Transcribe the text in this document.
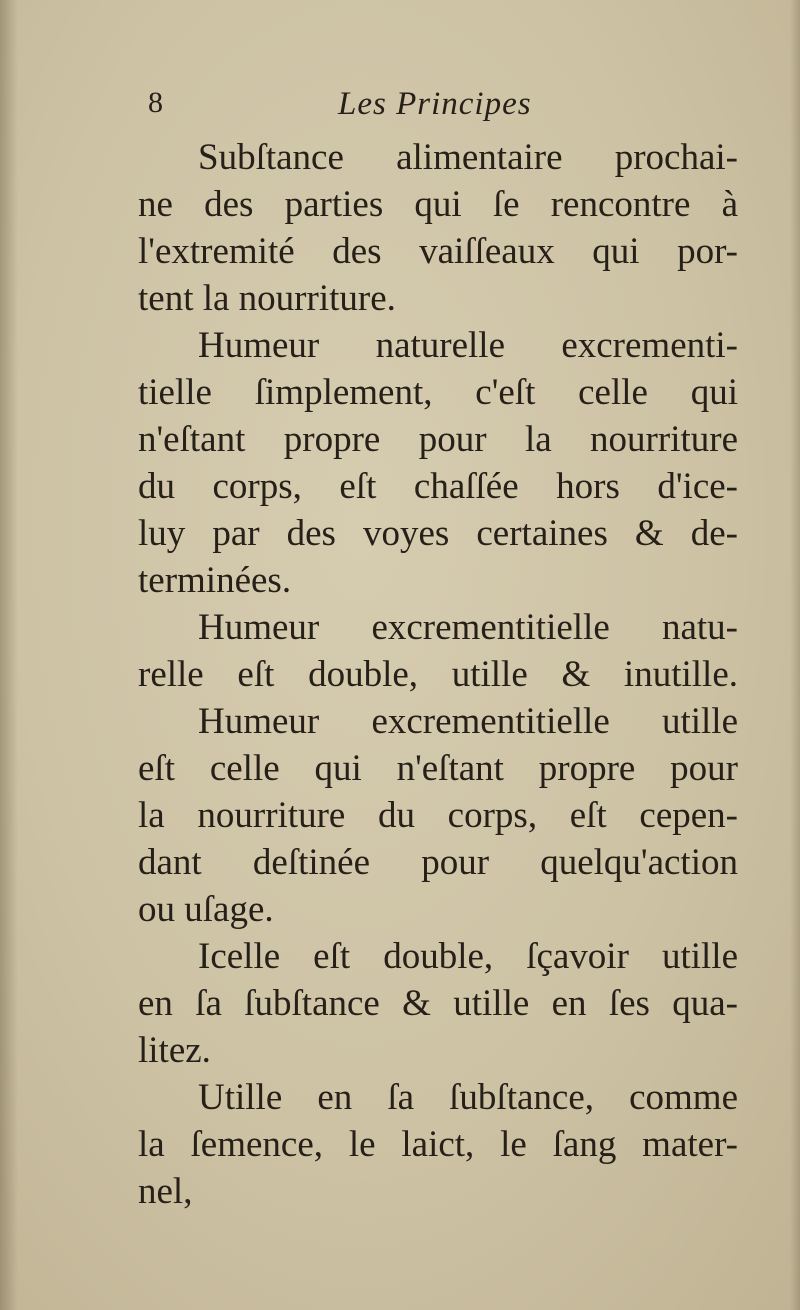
8	Les Principes
Subſtance alimentaire prochai-
ne des parties qui ſe rencontre à
l'extremité des vaiſſeaux qui por-
tent la nourriture.
Humeur naturelle excrementi-
tielle ſimplement, c'eſt celle qui
n'eſtant propre pour la nourriture
du corps, eſt chaſſée hors d'ice-
luy par des voyes certaines & de-
terminées.
Humeur excrementitielle natu-
relle eſt double, utille & inutille.
Humeur excrementitielle utille
eſt celle qui n'eſtant propre pour
la nourriture du corps, eſt cepen-
dant deſtinée pour quelqu'action
ou uſage.
Icelle eſt double, ſçavoir utille
en ſa ſubſtance & utille en ſes qua-
litez.
Utille en ſa ſubſtance, comme
la ſemence, le laict, le ſang mater-
nel,
